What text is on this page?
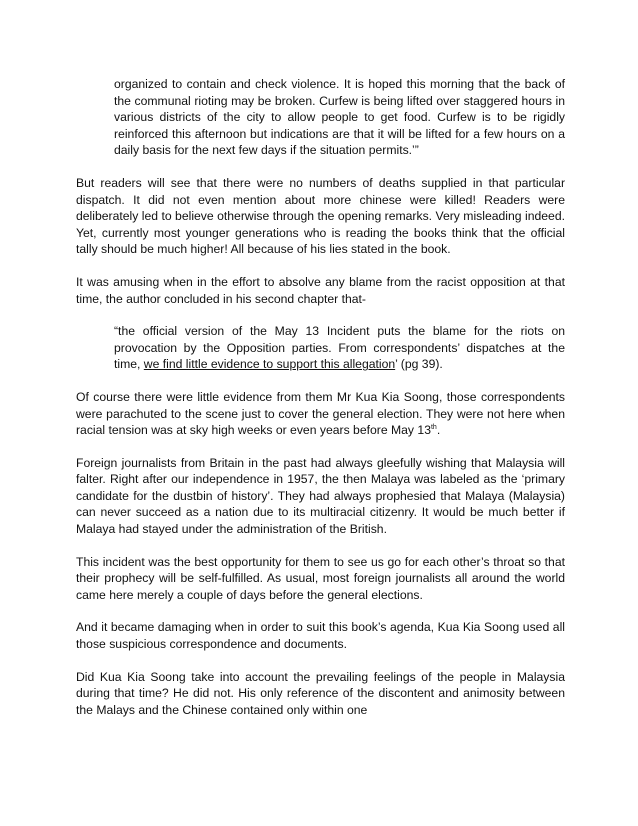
organized to contain and check violence. It is hoped this morning that the back of the communal rioting may be broken. Curfew is being lifted over staggered hours in various districts of the city to allow people to get food. Curfew is to be rigidly reinforced this afternoon but indications are that it will be lifted for a few hours on a daily basis for the next few days if the situation permits.’”

But readers will see that there were no numbers of deaths supplied in that particular dispatch. It did not even mention about more chinese were killed! Readers were deliberately led to believe otherwise through the opening remarks. Very misleading indeed. Yet, currently most younger generations who is reading the books think that the official tally should be much higher! All because of his lies stated in the book.

It was amusing when in the effort to absolve any blame from the racist opposition at that time, the author concluded in his second chapter that-

“the official version of the May 13 Incident puts the blame for the riots on provocation by the Opposition parties. From correspondents’ dispatches at the time, we find little evidence to support this allegation’ (pg 39).

Of course there were little evidence from them Mr Kua Kia Soong, those correspondents were parachuted to the scene just to cover the general election. They were not here when racial tension was at sky high weeks or even years before May 13th.

Foreign journalists from Britain in the past had always gleefully wishing that Malaysia will falter. Right after our independence in 1957, the then Malaya was labeled as the ‘primary candidate for the dustbin of history’. They had always prophesied that Malaya (Malaysia) can never succeed as a nation due to its multiracial citizenry. It would be much better if Malaya had stayed under the administration of the British.

This incident was the best opportunity for them to see us go for each other’s throat so that their prophecy will be self-fulfilled. As usual, most foreign journalists all around the world came here merely a couple of days before the general elections.

And it became damaging when in order to suit this book’s agenda, Kua Kia Soong used all those suspicious correspondence and documents.

Did Kua Kia Soong take into account the prevailing feelings of the people in Malaysia during that time? He did not. His only reference of the discontent and animosity between the Malays and the Chinese contained only within one
